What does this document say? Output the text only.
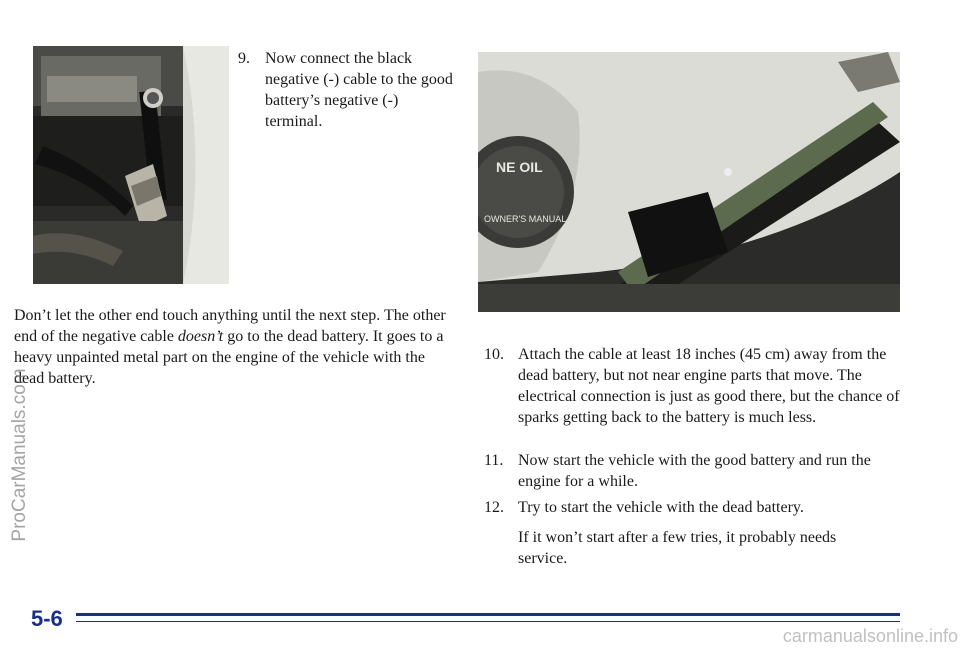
9. Now connect the black negative (-) cable to the good battery’s negative (-) terminal.
NE OIL
OWNER'S MANUAL
Don’t let the other end touch anything until the next step. The other end of the negative cable doesn’t go to the dead battery. It goes to a heavy unpainted metal part on the engine of the vehicle with the dead battery.
10. Attach the cable at least 18 inches (45 cm) away from the dead battery, but not near engine parts that move. The electrical connection is just as good there, but the chance of sparks getting back to the battery is much less.
11. Now start the vehicle with the good battery and run the engine for a while.
12. Try to start the vehicle with the dead battery.
If it won’t start after a few tries, it probably needs service.
5-6
ProCarManuals.com
carmanualsonline.info
